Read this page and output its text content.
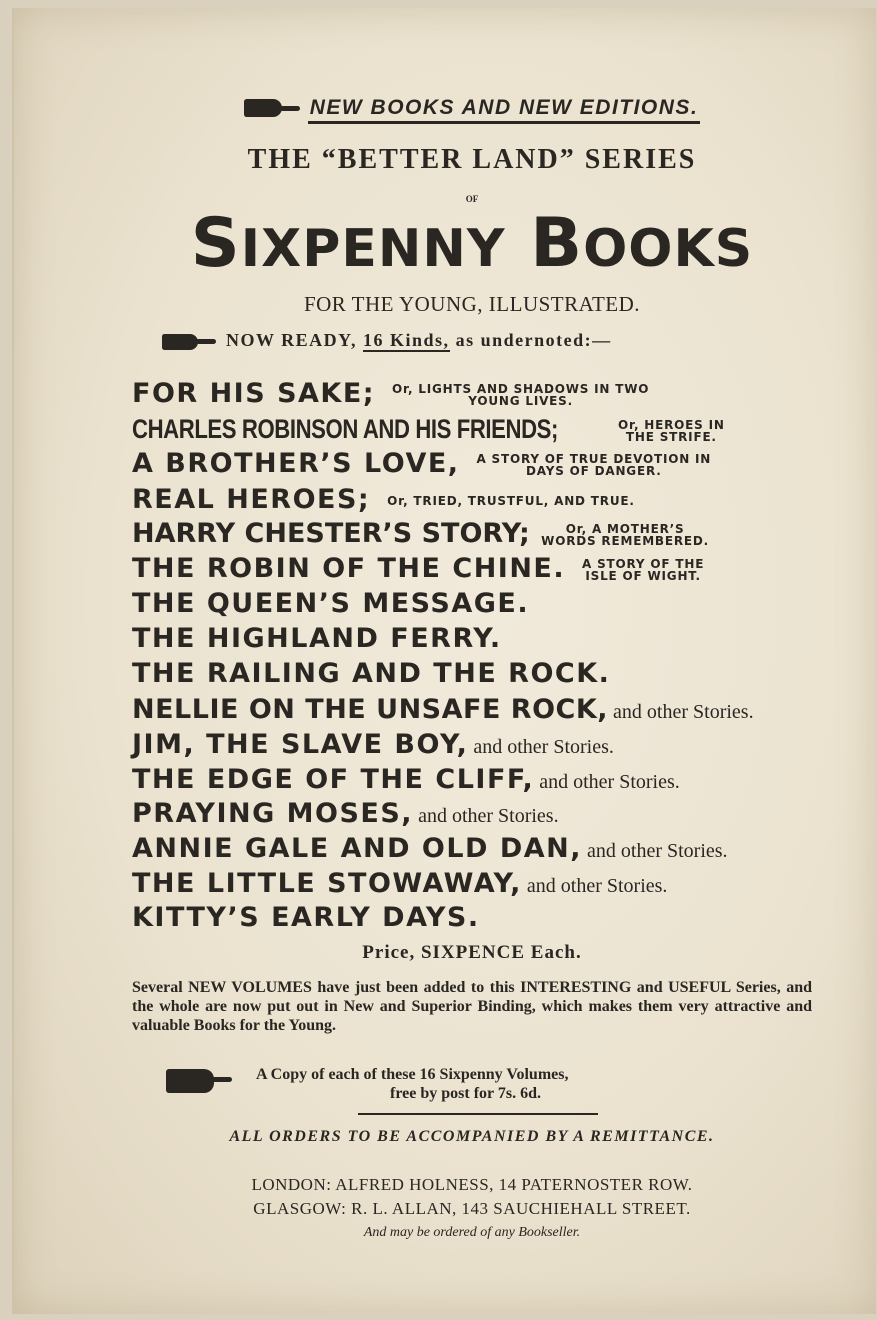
NEW BOOKS AND NEW EDITIONS.
THE “BETTER LAND” SERIES
OF
SIXPENNY BOOKS
FOR THE YOUNG, ILLUSTRATED.
NOW READY, 16 Kinds, as undernoted:—
FOR HIS SAKE; Or, LIGHTS AND SHADOWS IN TWO
YOUNG LIVES.
CHARLES ROBINSON AND HIS FRIENDS;	Or, HEROES IN
THE STRIFE.
A BROTHER’S LOVE, A STORY OF TRUE DEVOTION IN
DAYS OF DANGER.
REAL HEROES; Or, TRIED, TRUSTFUL, AND TRUE.
HARRY CHESTER’S STORY;	Or, A MOTHER’S
WORDS REMEMBERED.
THE ROBIN OF THE CHINE. A STORY OF THE
ISLE OF WIGHT.
THE QUEEN’S MESSAGE.
THE HIGHLAND FERRY.
THE RAILING AND THE ROCK.
NELLIE ON THE UNSAFE ROCK, and other Stories.
JIM, THE SLAVE BOY, and other Stories.
THE EDGE OF THE CLIFF, and other Stories.
PRAYING MOSES, and other Stories.
ANNIE GALE AND OLD DAN, and other Stories.
THE LITTLE STOWAWAY, and other Stories.
KITTY’S EARLY DAYS.
Price, SIXPENCE Each.
Several NEW VOLUMES have just been added to this INTERESTING and USEFUL Series, and the whole are now put out in New and Superior Binding, which makes them very attractive and valuable Books for the Young.
A Copy of each of these 16 Sixpenny Volumes,
free by post for 7s. 6d.
ALL ORDERS TO BE ACCOMPANIED BY A REMITTANCE.
LONDON: ALFRED HOLNESS, 14 PATERNOSTER ROW.
GLASGOW: R. L. ALLAN, 143 SAUCHIEHALL STREET.
And may be ordered of any Bookseller.
